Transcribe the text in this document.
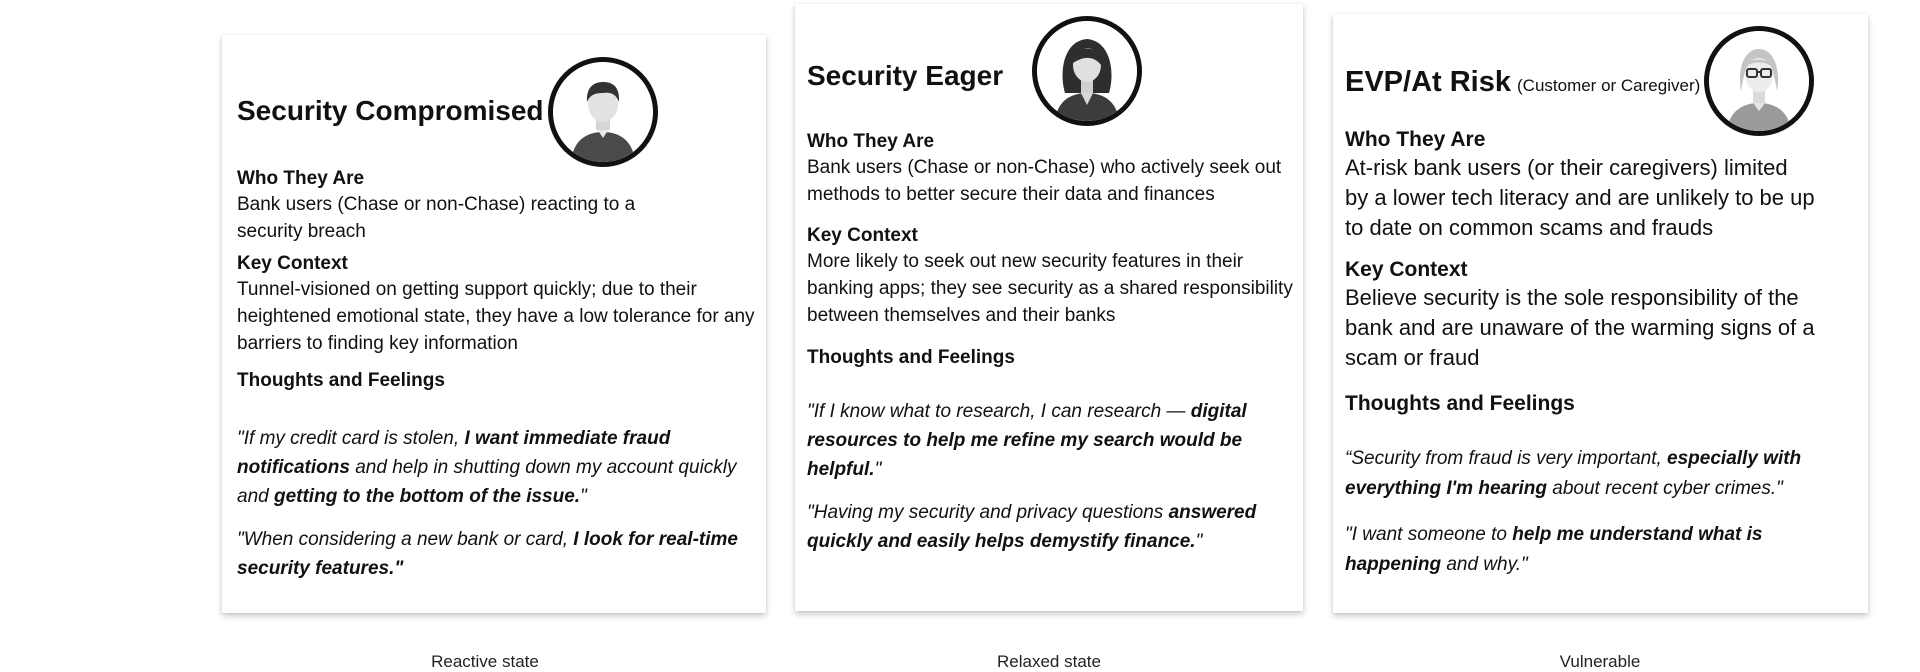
Security Compromised
Who They Are
Bank users (Chase or non-Chase) reacting to a security breach
Key Context
Tunnel-visioned on getting support quickly; due to their heightened emotional state, they have a low tolerance for any barriers to finding key information
Thoughts and Feelings

"If my credit card is stolen, I want immediate fraud notifications and help in shutting down my account quickly and getting to the bottom of the issue."

"When considering a new bank or card, I look for real-time security features."

Security Eager
Who They Are
Bank users (Chase or non-Chase) who actively seek out methods to better secure their data and finances
Key Context
More likely to seek out new security features in their banking apps; they see security as a shared responsibility between themselves and their banks
Thoughts and Feelings

"If I know what to research, I can research — digital resources to help me refine my search would be helpful."

"Having my security and privacy questions answered quickly and easily helps demystify finance."

EVP/At Risk (Customer or Caregiver)
Who They Are
At-risk bank users (or their caregivers) limited by a lower tech literacy and are unlikely to be up to date on common scams and frauds
Key Context
Believe security is the sole responsibility of the bank and are unaware of the warming signs of a scam or fraud
Thoughts and Feelings

“Security from fraud is very important, especially with everything I'm hearing about recent cyber crimes."

"I want someone to help me understand what is happening and why."

Reactive state	Relaxed state	Vulnerable
